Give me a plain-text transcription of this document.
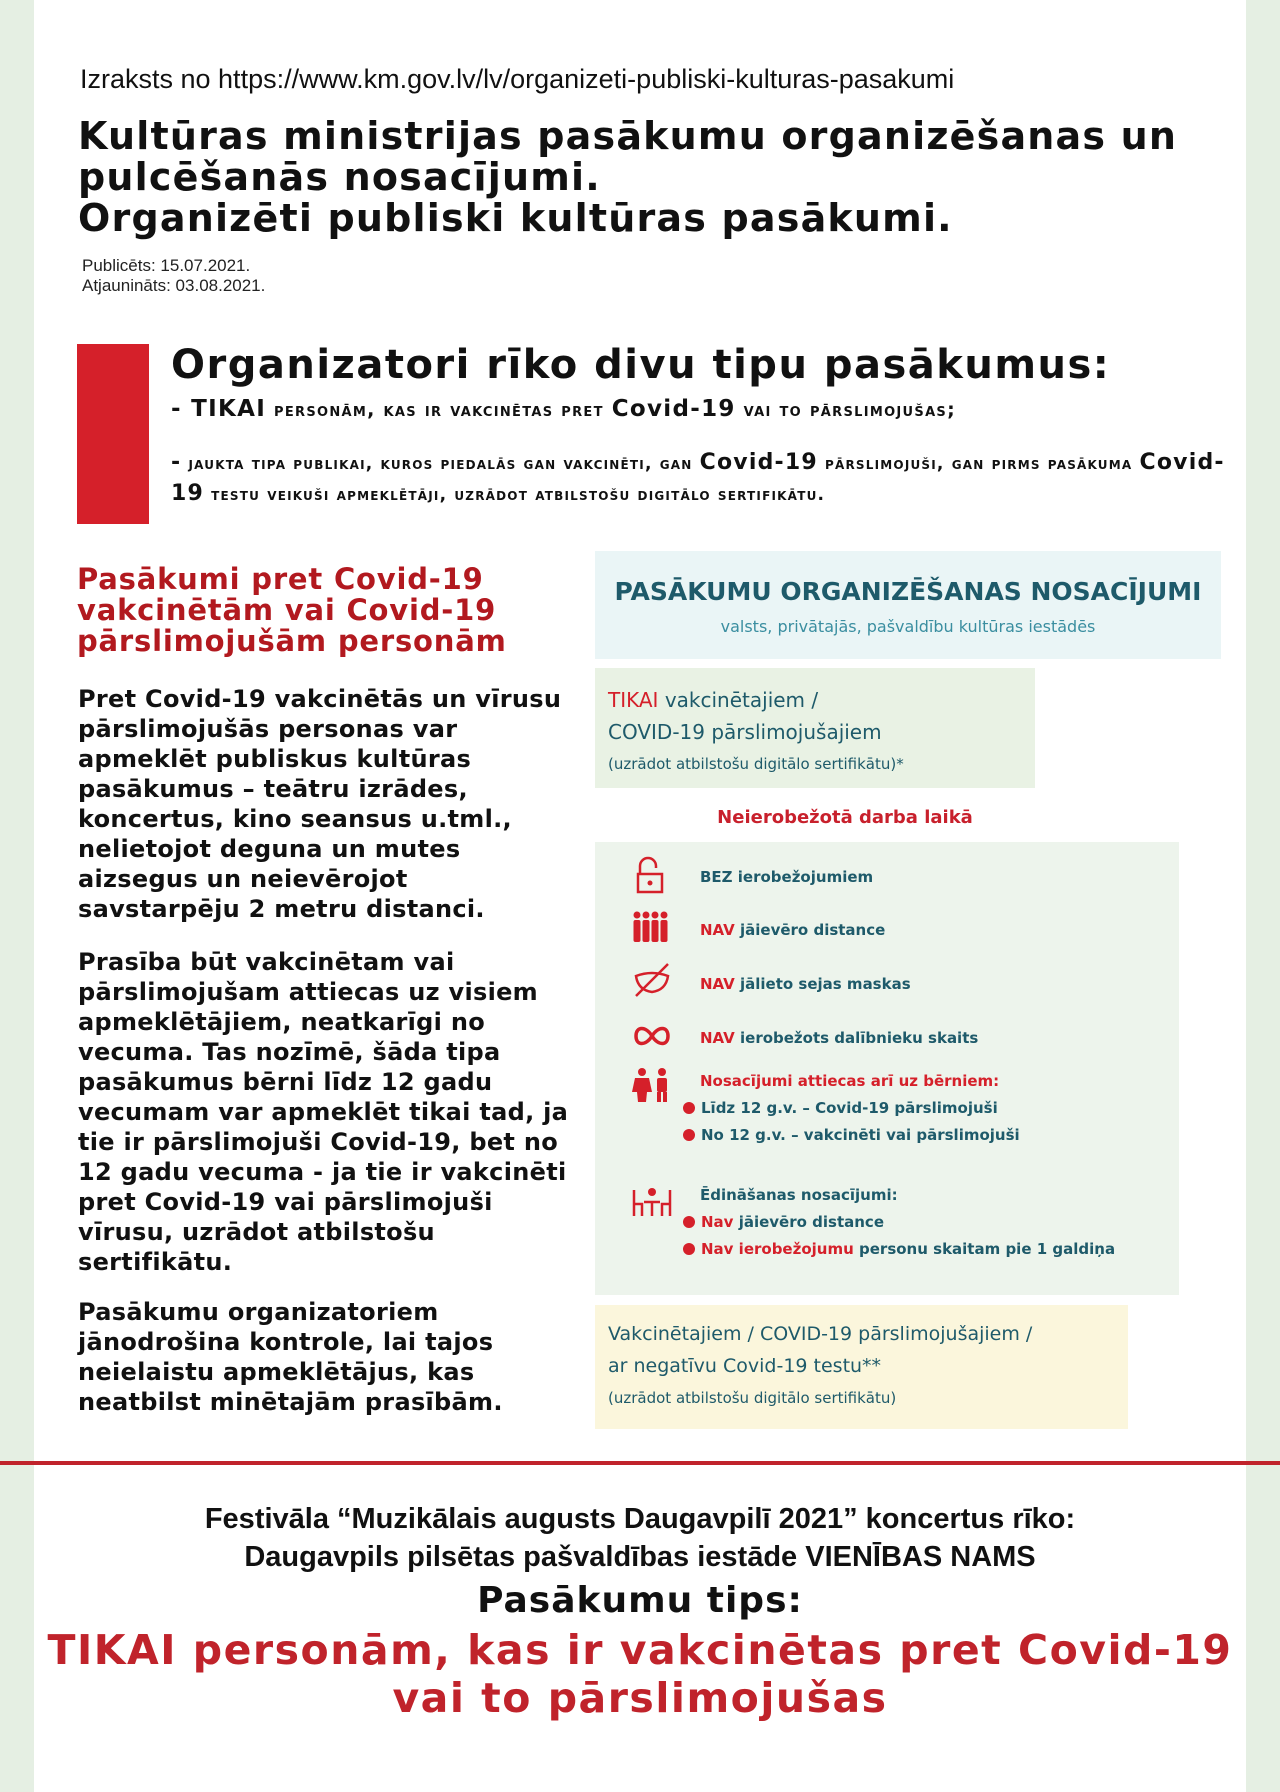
Izraksts no https://www.km.gov.lv/lv/organizeti-publiski-kulturas-pasakumi
Kultūras ministrijas pasākumu organizēšanas un
pulcēšanās nosacījumi.
Organizēti publiski kultūras pasākumi.
Publicēts: 15.07.2021.
Atjaunināts: 03.08.2021.
Organizatori rīko divu tipu pasākumus:
- TIKAI personām, kas ir vakcinētas pret Covid-19 vai to pārslimojušas;
- jaukta tipa publikai, kuros piedalās gan vakcinēti, gan Covid-19 pārslimojuši, gan pirms pasākuma Covid-19 testu veikuši apmeklētāji, uzrādot atbilstošu digitālo sertifikātu.
Pasākumi pret Covid-19 vakcinētām vai Covid-19 pārslimojušām personām
Pret Covid-19 vakcinētās un vīrusu pārslimojušās personas var apmeklēt publiskus kultūras pasākumus – teātru izrādes, koncertus, kino seansus u.tml., nelietojot deguna un mutes aizsegus un neievērojot savstarpēju 2 metru distanci.
Prasība būt vakcinētam vai pārslimojušam attiecas uz visiem apmeklētājiem, neatkarīgi no vecuma. Tas nozīmē, šāda tipa pasākumus bērni līdz 12 gadu vecumam var apmeklēt tikai tad, ja tie ir pārslimojuši Covid-19, bet no 12 gadu vecuma - ja tie ir vakcinēti pret Covid-19 vai pārslimojuši vīrusu, uzrādot atbilstošu sertifikātu.
Pasākumu organizatoriem jānodrošina kontrole, lai tajos neielaistu apmeklētājus, kas neatbilst minētajām prasībām.
PASĀKUMU ORGANIZĒŠANAS NOSACĪJUMI
valsts, privātajās, pašvaldību kultūras iestādēs
TIKAI vakcinētajiem /
COVID-19 pārslimojušajiem
(uzrādot atbilstošu digitālo sertifikātu)*
Neierobežotā darba laikā
BEZ ierobežojumiem
NAV jāievēro distance
NAV jālieto sejas maskas
NAV ierobežots dalībnieku skaits
Nosacījumi attiecas arī uz bērniem:
Līdz 12 g.v. – Covid-19 pārslimojuši
No 12 g.v. – vakcinēti vai pārslimojuši
Ēdināšanas nosacījumi:
Nav jāievēro distance
Nav ierobežojumu personu skaitam pie 1 galdiņa
Vakcinētajiem / COVID-19 pārslimojušajiem /
ar negatīvu Covid-19 testu**
(uzrādot atbilstošu digitālo sertifikātu)
Festivāla “Muzikālais augusts Daugavpilī 2021” koncertus rīko:
Daugavpils pilsētas pašvaldības iestāde VIENĪBAS NAMS
Pasākumu tips:
TIKAI personām, kas ir vakcinētas pret Covid-19 vai to pārslimojušas
